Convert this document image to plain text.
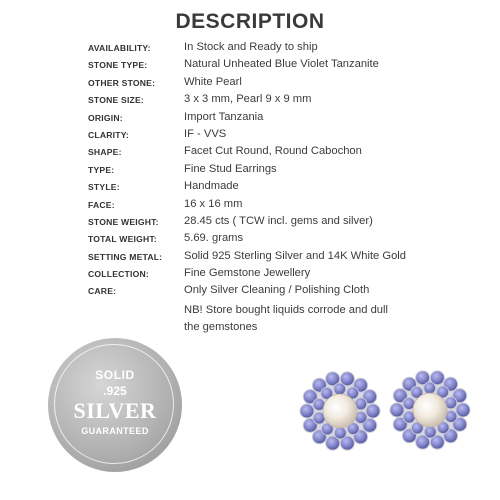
DESCRIPTION
AVAILABILITY:	In Stock and Ready to ship
STONE TYPE:	Natural Unheated Blue Violet Tanzanite
OTHER STONE:	White Pearl
STONE SIZE:	3 x 3 mm, Pearl 9 x 9 mm
ORIGIN:	Import Tanzania
CLARITY:	IF - VVS
SHAPE:	Facet Cut Round, Round Cabochon
TYPE:	Fine Stud Earrings
STYLE:	Handmade
FACE:	16 x 16 mm
STONE WEIGHT: 28.45 cts ( TCW incl. gems and silver)
TOTAL WEIGHT: 5.69. grams
SETTING METAL: Solid 925 Sterling Silver and 14K White Gold
COLLECTION:	Fine Gemstone Jewellery
CARE:	Only Silver Cleaning / Polishing Cloth
NB! Store bought liquids corrode and dull
the gemstones
SOLID
.925
SILVER
GUARANTEED
